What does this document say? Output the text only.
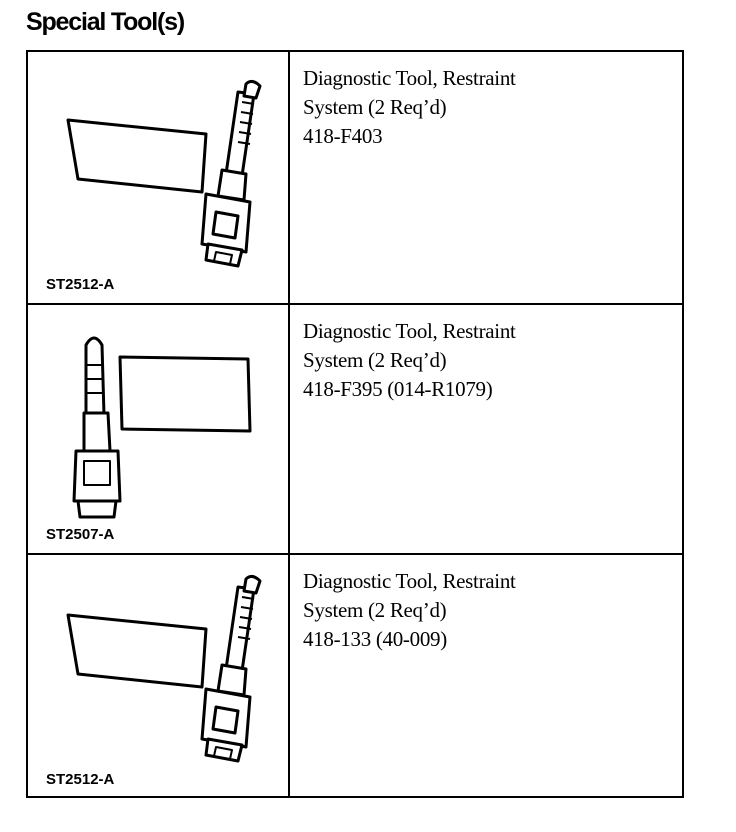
Special Tool(s)
ST2512-A
Diagnostic Tool, Restraint
System (2 Req’d)
418-F403
ST2507-A
Diagnostic Tool, Restraint
System (2 Req’d)
418-F395 (014-R1079)
ST2512-A
Diagnostic Tool, Restraint
System (2 Req’d)
418-133 (40-009)
